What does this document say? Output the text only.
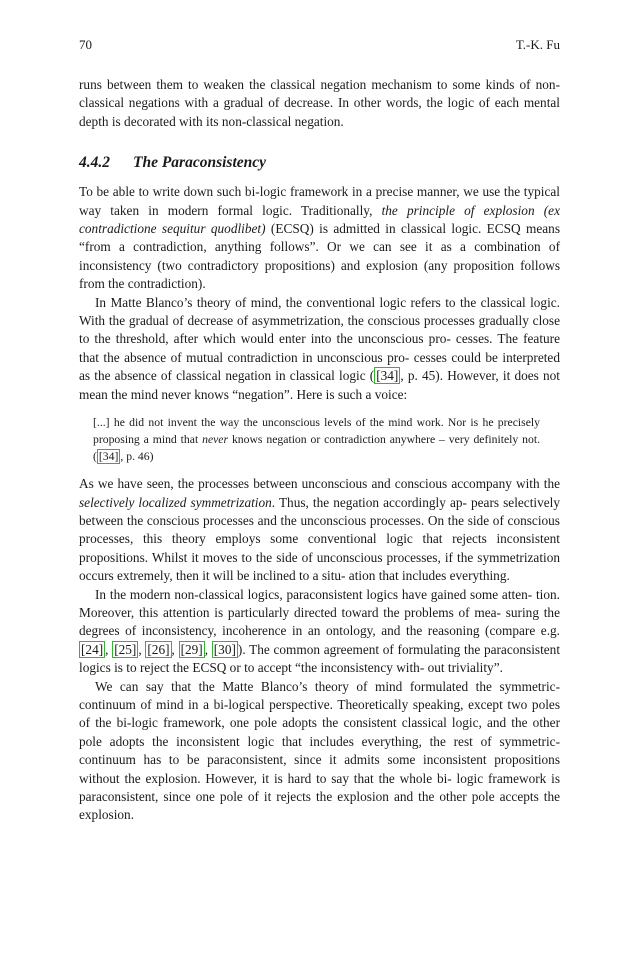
70	T.-K. Fu

runs between them to weaken the classical negation mechanism to some kinds of non-classical negations with a gradual of decrease. In other words, the logic of each mental depth is decorated with its non-classical negation.

4.4.2 The Paraconsistency

To be able to write down such bi-logic framework in a precise manner, we use the typical way taken in modern formal logic. Traditionally, the principle of explosion (ex contradictione sequitur quodlibet) (ECSQ) is admitted in classical logic. ECSQ means “from a contradiction, anything follows”. Or we can see it as a combination of inconsistency (two contradictory propositions) and explosion (any proposition follows from the contradiction).

In Matte Blanco’s theory of mind, the conventional logic refers to the classical logic. With the gradual of decrease of asymmetrization, the conscious processes gradually close to the threshold, after which would enter into the unconscious pro- cesses. The feature that the absence of mutual contradiction in unconscious pro- cesses could be interpreted as the absence of classical negation in classical logic ( [34] , p. 45). However, it does not mean the mind never knows “negation”. Here is such a voice:

[...] he did not invent the way the unconscious levels of the mind work. Nor is he precisely proposing a mind that never knows negation or contradiction anywhere – very definitely not. ( [34] , p. 46)

As we have seen, the processes between unconscious and conscious accompany with the selectively localized symmetrization. Thus, the negation accordingly ap- pears selectively between the conscious processes and the unconscious processes. On the side of conscious processes, this theory employs some conventional logic that rejects inconsistent propositions. Whilst it moves to the side of unconscious processes, if the symmetrization occurs extremely, then it will be inclined to a situ- ation that includes everything.

In the modern non-classical logics, paraconsistent logics have gained some atten- tion. Moreover, this attention is particularly directed toward the problems of mea- suring the degrees of inconsistency, incoherence in an ontology, and the reasoning (compare e.g. [24] , [25] , [26] , [29] , [30] ). The common agreement of formulating the paraconsistent logics is to reject the ECSQ or to accept “the inconsistency with- out triviality”.

We can say that the Matte Blanco’s theory of mind formulated the symmetric- continuum of mind in a bi-logical perspective. Theoretically speaking, except two poles of the bi-logic framework, one pole adopts the consistent classical logic, and the other pole adopts the inconsistent logic that includes everything, the rest of symmetric-continuum has to be paraconsistent, since it admits some inconsistent propositions without the explosion. However, it is hard to say that the whole bi- logic framework is paraconsistent, since one pole of it rejects the explosion and the other pole accepts the explosion.
